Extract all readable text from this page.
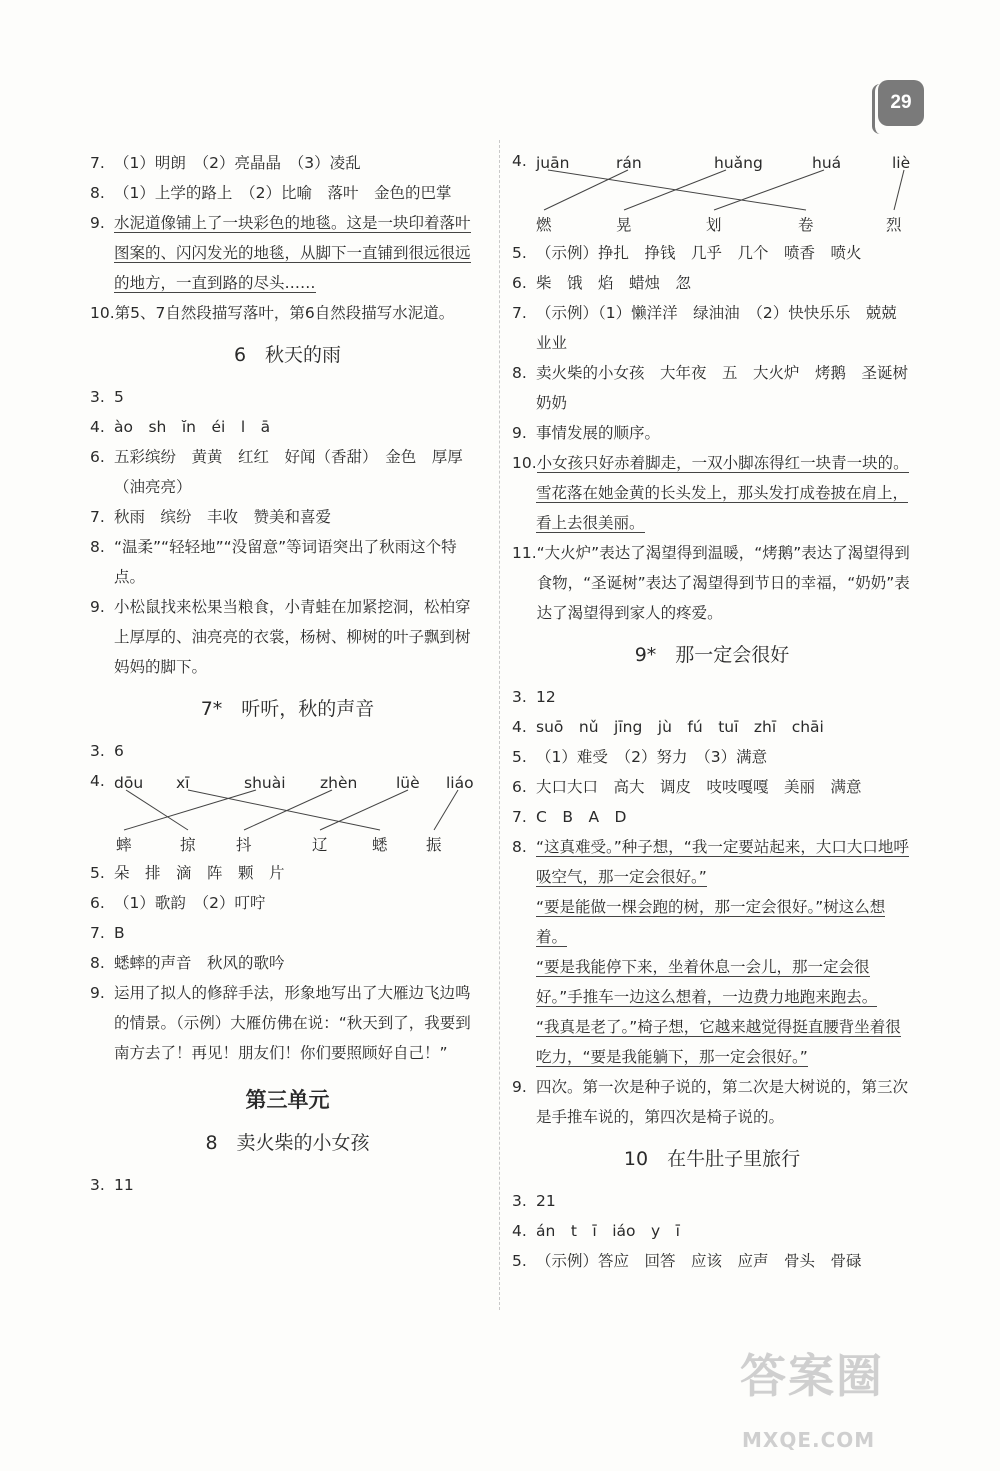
29
7. （1）明朗　（2）亮晶晶　（3）凌乱
8. （1）上学的路上　（2）比喻　落叶　金色的巴掌
9. 水泥道像铺上了一块彩色的地毯。这是一块印着落叶图案的、闪闪发光的地毯，从脚下一直铺到很远很远的地方，一直到路的尽头……
10. 第5、7自然段描写落叶，第6自然段描写水泥道。
6　秋天的雨
3. 5
4. ào　sh　ĭn　éi　l　ā
6. 五彩缤纷　黄黄　红红　好闻（香甜）　金色　厚厚（油亮亮）
7. 秋雨　缤纷　丰收　赞美和喜爱
8. “温柔”“轻轻地”“没留意”等词语突出了秋雨这个特点。
9. 小松鼠找来松果当粮食，小青蛙在加紧挖洞，松柏穿上厚厚的、油亮亮的衣裳，杨树、柳树的叶子飘到树妈妈的脚下。
7*　听听，秋的声音
3. 6
4. dōu xī	shuài zhèn lüè liáo
蟀	掠	抖	辽	蟋 振
5. 朵　排　滴　阵　颗　片
6. （1）歌韵　（2）叮咛
7. B
8. 蟋蟀的声音　秋风的歌吟
9. 运用了拟人的修辞手法，形象地写出了大雁边飞边鸣的情景。（示例）大雁仿佛在说：“秋天到了，我要到南方去了！再见！朋友们！你们要照顾好自己！”
第三单元
8　卖火柴的小女孩
3. 11
4. juān	rán	huǎng	huá	liè
燃	晃	划	卷	烈
5. （示例）挣扎　挣钱　几乎　几个　喷香　喷火
6. 柴　饿　焰　蜡烛　忽
7. （示例）（1）懒洋洋　绿油油　（2）快快乐乐　兢兢业业
8. 卖火柴的小女孩　大年夜　五　大火炉　烤鹅　圣诞树　奶奶
9. 事情发展的顺序。
10. 小女孩只好赤着脚走，一双小脚冻得红一块青一块的。
雪花落在她金黄的长头发上，那头发打成卷披在肩上，看上去很美丽。
11. “大火炉”表达了渴望得到温暖，“烤鹅”表达了渴望得到食物，“圣诞树”表达了渴望得到节日的幸福，“奶奶”表达了渴望得到家人的疼爱。
9*　那一定会很好
3. 12
4. suō　nǔ　jīng　jù　fú　tuī　zhī　chāi
5. （1）难受　（2）努力　（3）满意
6. 大口大口　高大　调皮　吱吱嘎嘎　美丽　满意
7. C　B　A　D
8. “这真难受。”种子想，“我一定要站起来，大口大口地呼吸空气，那一定会很好。”
“要是能做一棵会跑的树，那一定会很好。”树这么想着。
“要是我能停下来，坐着休息一会儿，那一定会很好。”手推车一边这么想着，一边费力地跑来跑去。
“我真是老了。”椅子想，它越来越觉得挺直腰背坐着很吃力，“要是我能躺下，那一定会很好。”
9. 四次。第一次是种子说的，第二次是大树说的，第三次是手推车说的，第四次是椅子说的。
10　在牛肚子里旅行
3. 21
4. án　t　ī　iáo　y　ī
5. （示例）答应　回答　应该　应声　骨头　骨碌
答案圈
MXQE.COM
